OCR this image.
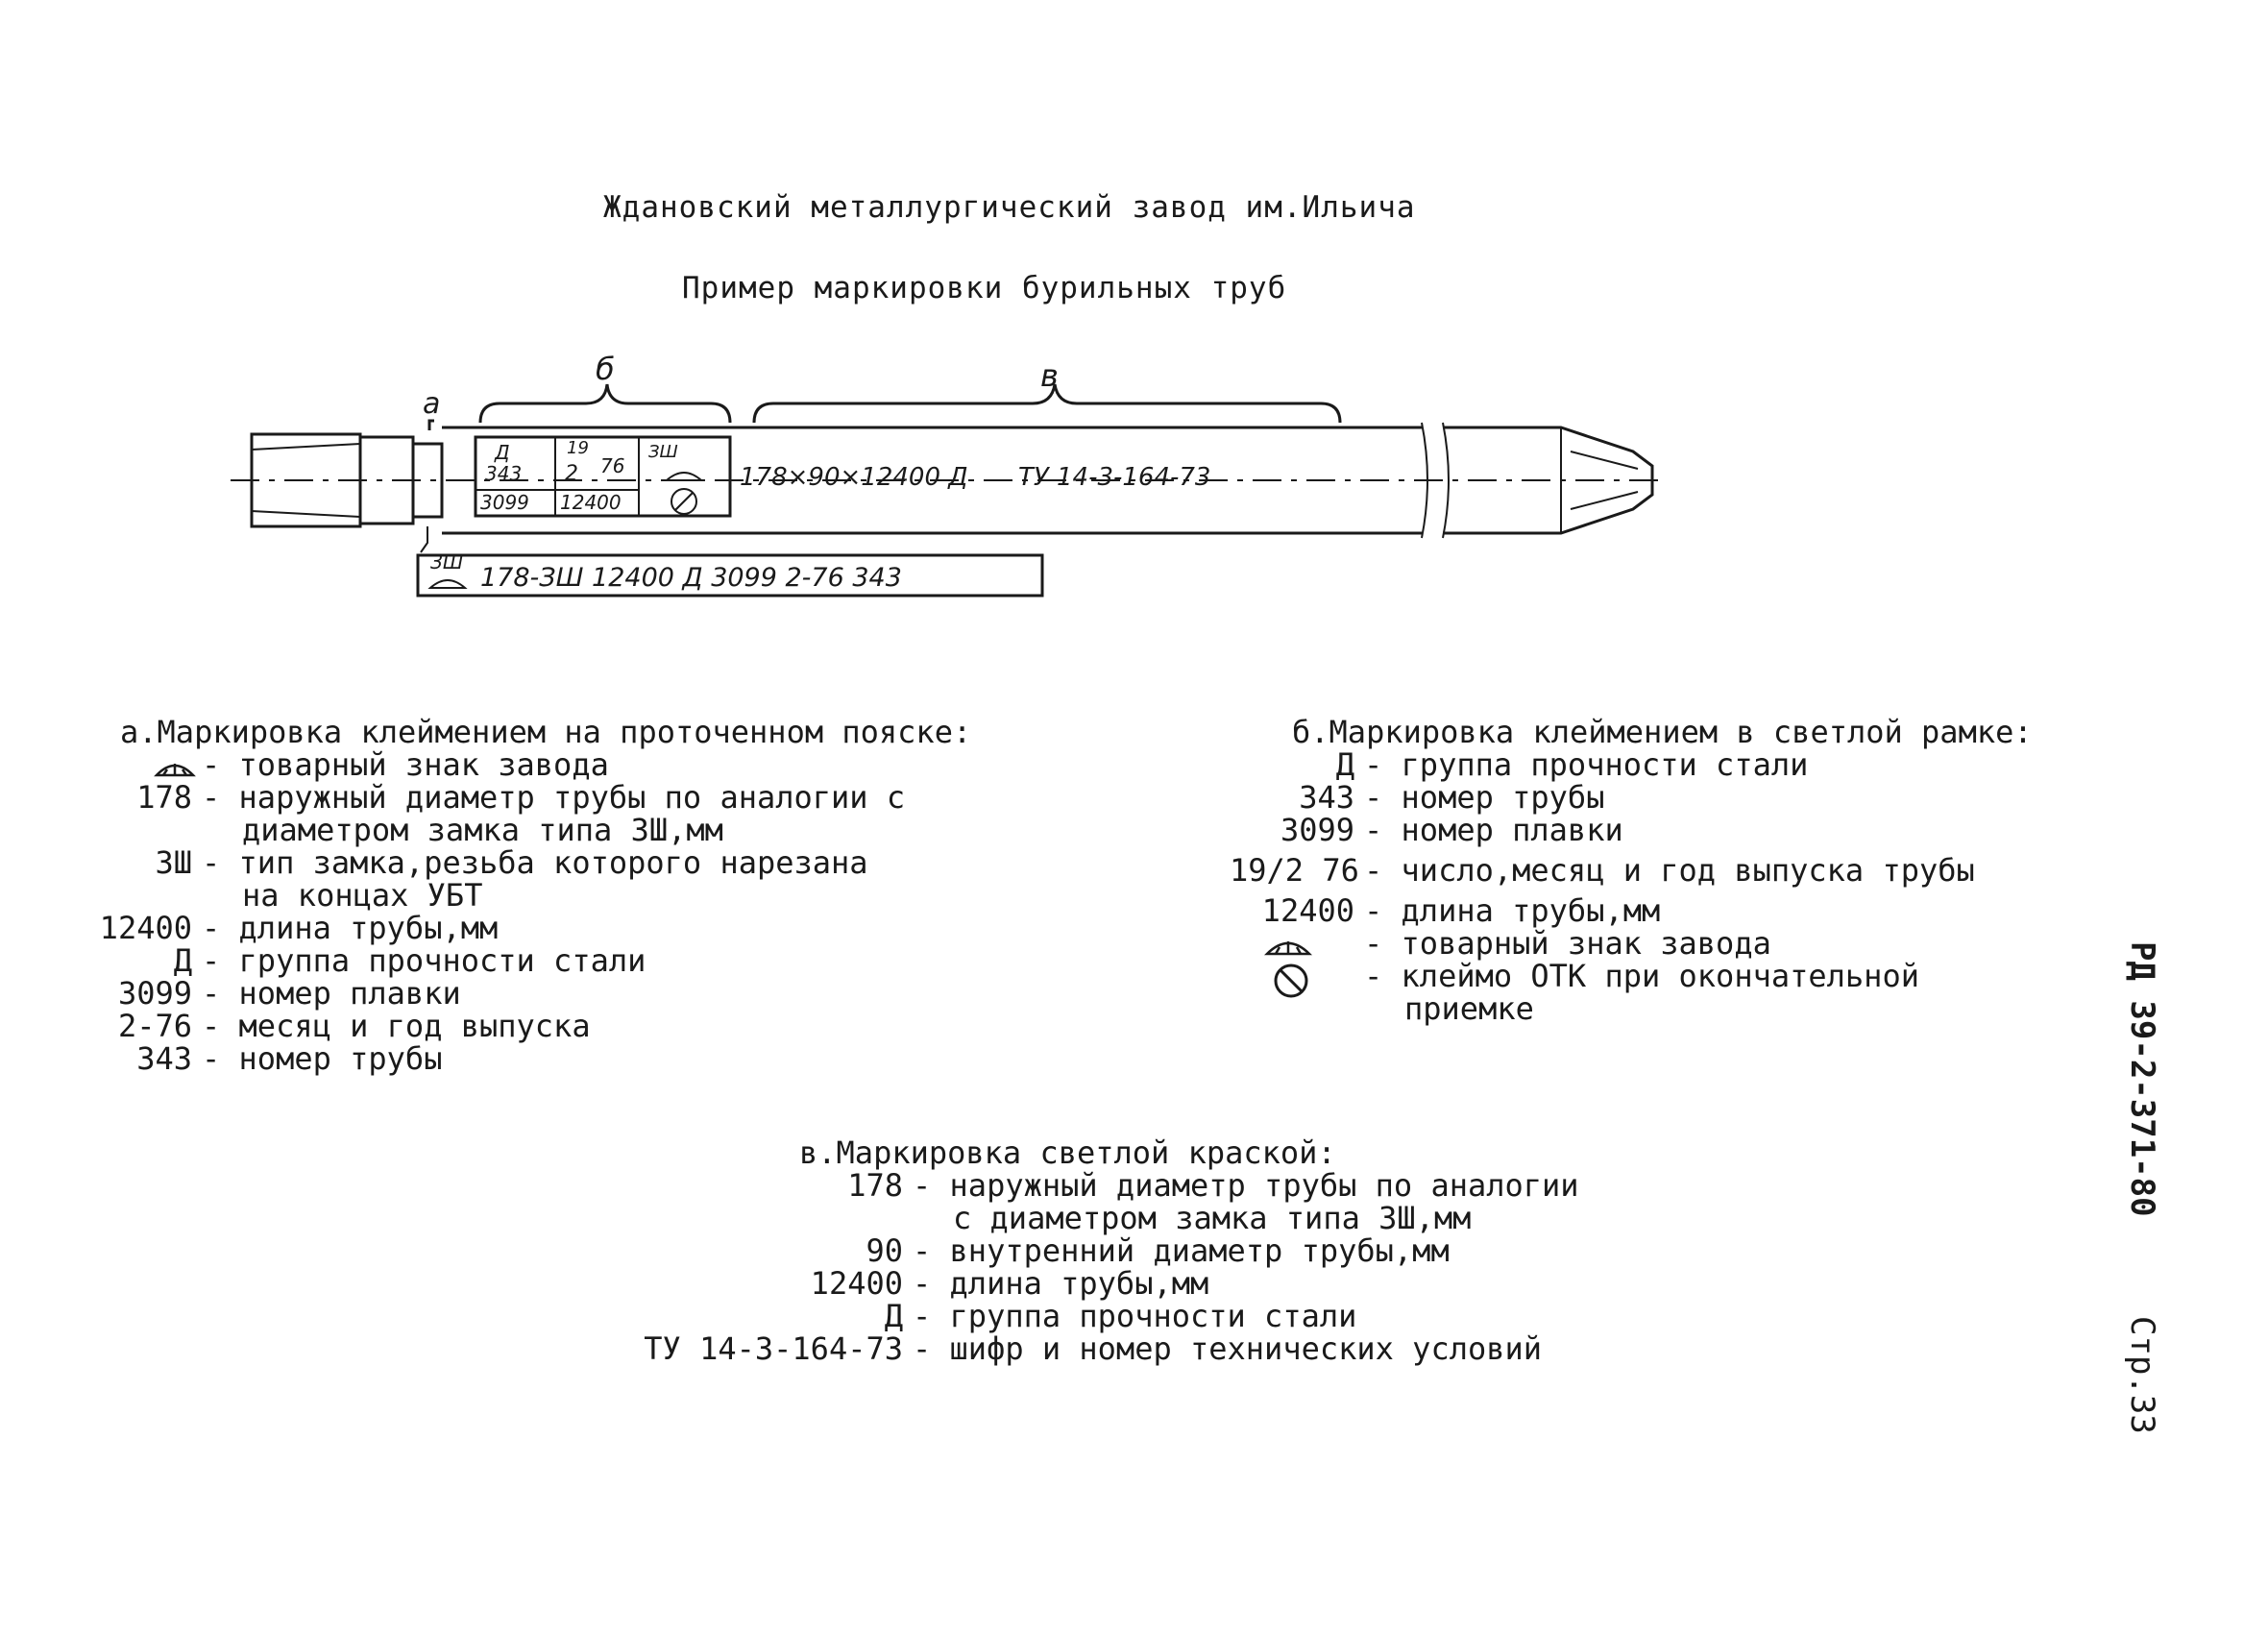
Ждановский металлургический завод им.Ильича
Пример маркировки бурильных труб
а
б	в
Д
343
3099
19
2 76
12400
ЗШ
178×90×12400 Д ТУ 14-3-164-73
ЗШ
178-ЗШ 12400 Д 3099 2-76 343
а.Маркировка клеймением на проточенном пояске:
- товарный знак завода
178 - наружный диаметр трубы по аналогии с
диаметром замка типа ЗШ,мм
ЗШ - тип замка,резьба которого нарезана
на концах УБТ
12400 - длина трубы,мм
Д - группа прочности стали
3099 - номер плавки
2-76 - месяц и год выпуска
343 - номер трубы
б.Маркировка клеймением в светлой рамке:
Д - группа прочности стали
343 - номер трубы
3099 - номер плавки
19/2 76 - число,месяц и год выпуска трубы
12400 - длина трубы,мм
- товарный знак завода
- клеймо ОТК при окончательной
приемке
в.Маркировка светлой краской:
178 - наружный диаметр трубы по аналогии
с диаметром замка типа ЗШ,мм
90 - внутренний диаметр трубы,мм
12400 - длина трубы,мм
Д - группа прочности стали
ТУ 14-3-164-73 - шифр и номер технических условий
РД 39-2-371-80
Стр.33
